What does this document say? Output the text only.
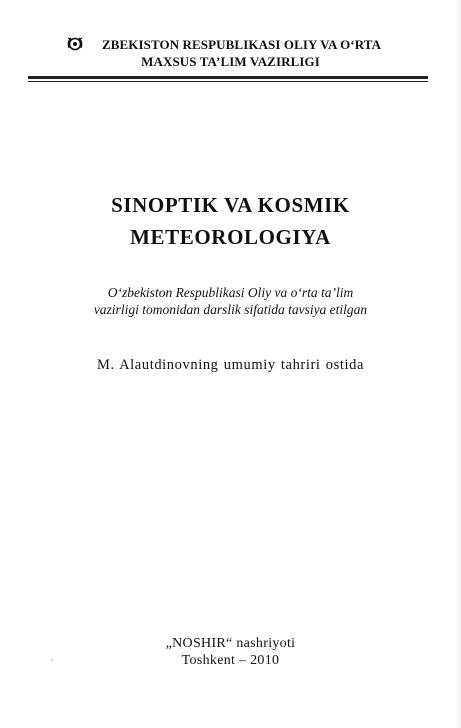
ZBEKISTON RESPUBLIKASI OLIY VA O‘RTA
MAXSUS TA’LIM VAZIRLIGI
SINOPTIK VA KOSMIK
METEOROLOGIYA
O‘zbekiston Respublikasi Oliy va o‘rta ta’lim
vazirligi tomonidan darslik sifatida tavsiya etilgan
M. Alautdinovning umumiy tahriri ostida
„NOSHIR“ nashriyoti
Toshkent – 2010
